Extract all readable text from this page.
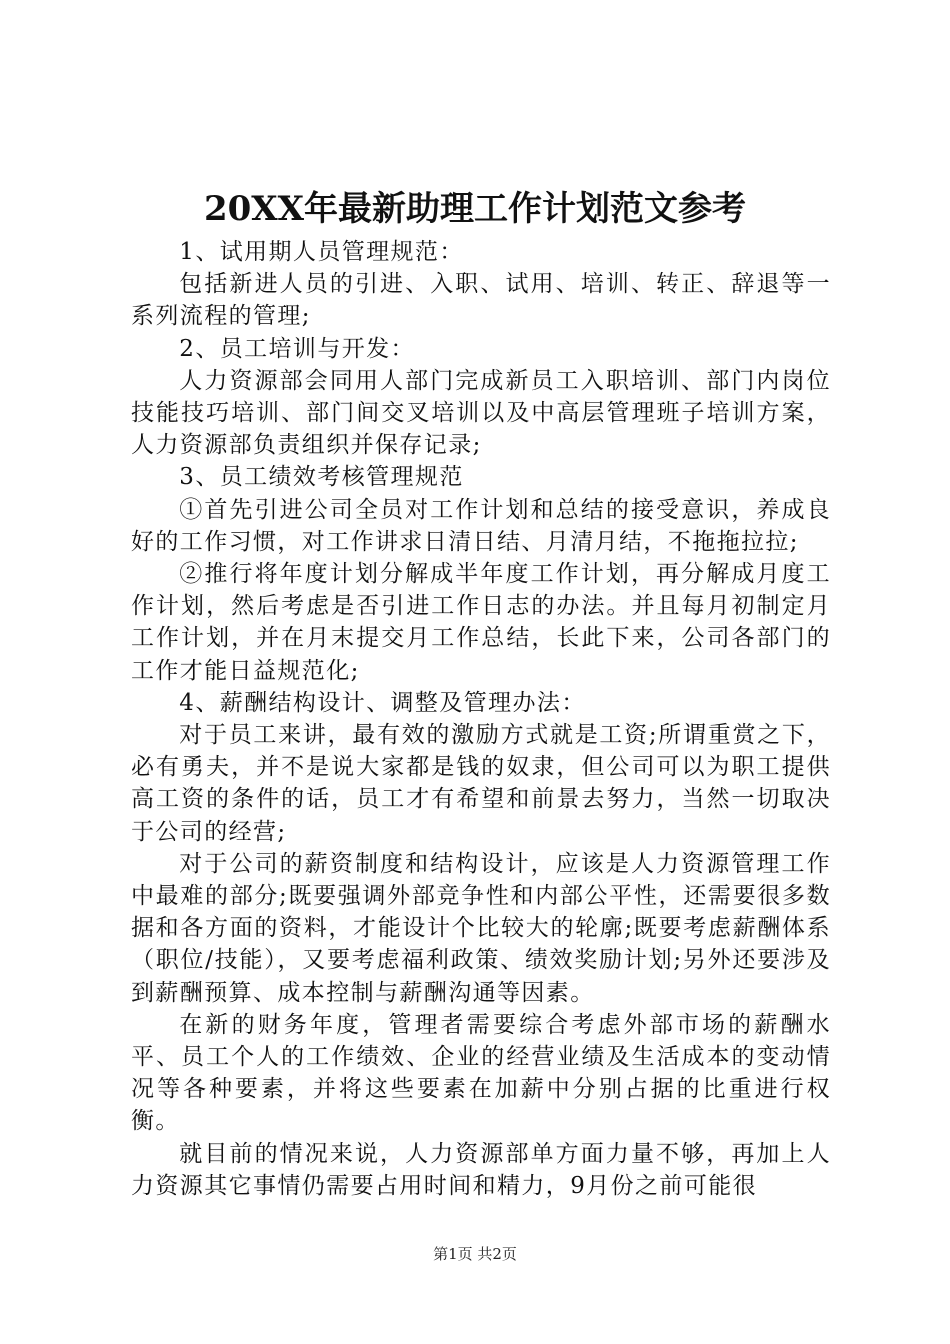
20XX年最新助理工作计划范文参考

1、试用期人员管理规范：

包括新进人员的引进、入职、试用、培训、转正、辞退等一系列流程的管理;

2、员工培训与开发：

人力资源部会同用人部门完成新员工入职培训、部门内岗位技能技巧培训、部门间交叉培训以及中高层管理班子培训方案，人力资源部负责组织并保存记录;

3、员工绩效考核管理规范

①首先引进公司全员对工作计划和总结的接受意识，养成良好的工作习惯，对工作讲求日清日结、月清月结，不拖拖拉拉;

②推行将年度计划分解成半年度工作计划，再分解成月度工作计划，然后考虑是否引进工作日志的办法。并且每月初制定月工作计划，并在月末提交月工作总结，长此下来，公司各部门的工作才能日益规范化;

4、薪酬结构设计、调整及管理办法：

对于员工来讲，最有效的激励方式就是工资;所谓重赏之下，必有勇夫，并不是说大家都是钱的奴隶，但公司可以为职工提供高工资的条件的话，员工才有希望和前景去努力，当然一切取决于公司的经营;

对于公司的薪资制度和结构设计，应该是人力资源管理工作中最难的部分;既要强调外部竞争性和内部公平性，还需要很多数据和各方面的资料，才能设计个比较大的轮廓;既要考虑薪酬体系（职位/技能），又要考虑福利政策、绩效奖励计划;另外还要涉及到薪酬预算、成本控制与薪酬沟通等因素。

在新的财务年度，管理者需要综合考虑外部市场的薪酬水平、员工个人的工作绩效、企业的经营业绩及生活成本的变动情况等各种要素，并将这些要素在加薪中分别占据的比重进行权衡。

就目前的情况来说，人力资源部单方面力量不够，再加上人力资源其它事情仍需要占用时间和精力，9月份之前可能很

第1页 共2页
